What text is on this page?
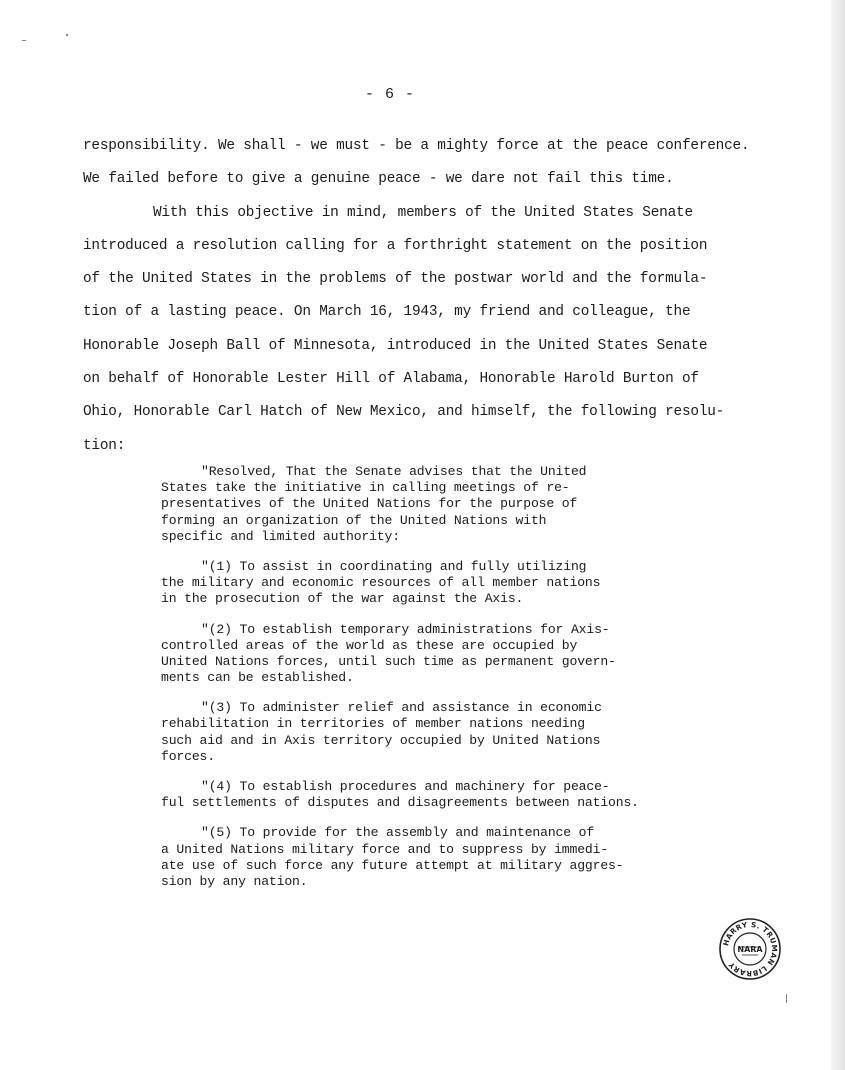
- 6 -
responsibility. We shall - we must - be a mighty force at the peace conference.
We failed before to give a genuine peace - we dare not fail this time.
With this objective in mind, members of the United States Senate
introduced a resolution calling for a forthright statement on the position
of the United States in the problems of the postwar world and the formula-
tion of a lasting peace. On March 16, 1943, my friend and colleague, the
Honorable Joseph Ball of Minnesota, introduced in the United States Senate
on behalf of Honorable Lester Hill of Alabama, Honorable Harold Burton of
Ohio, Honorable Carl Hatch of New Mexico, and himself, the following resolu-
tion:
"Resolved, That the Senate advises that the United
States take the initiative in calling meetings of re-
presentatives of the United Nations for the purpose of
forming an organization of the United Nations with
specific and limited authority:
"(1) To assist in coordinating and fully utilizing
the military and economic resources of all member nations
in the prosecution of the war against the Axis.
"(2) To establish temporary administrations for Axis-
controlled areas of the world as these are occupied by
United Nations forces, until such time as permanent govern-
ments can be established.
"(3) To administer relief and assistance in economic
rehabilitation in territories of member nations needing
such aid and in Axis territory occupied by United Nations
forces.
"(4) To establish procedures and machinery for peace-
ful settlements of disputes and disagreements between nations.
"(5) To provide for the assembly and maintenance of
a United Nations military force and to suppress by immedi-
ate use of such force any future attempt at military aggres-
sion by any nation.
HARRY S. TRUMAN LIBRARY
NARA
